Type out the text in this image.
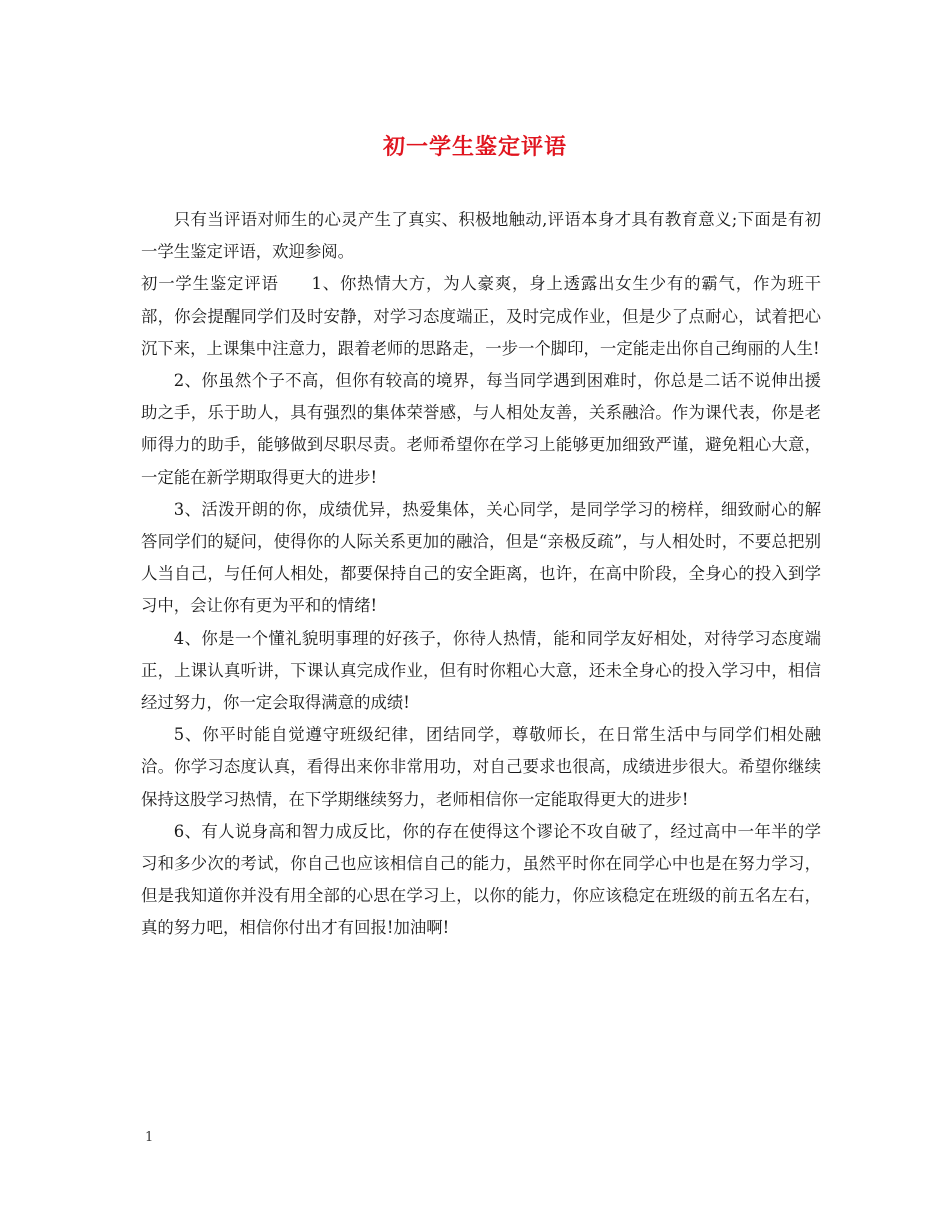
初一学生鉴定评语

只有当评语对师生的心灵产生了真实、积极地触动,评语本身才具有教育意义;下面是有初一学生鉴定评语，欢迎参阅。

初一学生鉴定评语 1、你热情大方，为人豪爽，身上透露出女生少有的霸气，作为班干部，你会提醒同学们及时安静，对学习态度端正，及时完成作业，但是少了点耐心，试着把心沉下来，上课集中注意力，跟着老师的思路走，一步一个脚印，一定能走出你自己绚丽的人生!

2、你虽然个子不高，但你有较高的境界，每当同学遇到困难时，你总是二话不说伸出援助之手，乐于助人，具有强烈的集体荣誉感，与人相处友善，关系融洽。作为课代表，你是老师得力的助手，能够做到尽职尽责。老师希望你在学习上能够更加细致严谨，避免粗心大意，一定能在新学期取得更大的进步!

3、活泼开朗的你，成绩优异，热爱集体，关心同学，是同学学习的榜样，细致耐心的解答同学们的疑问，使得你的人际关系更加的融洽，但是“亲极反疏”，与人相处时，不要总把别人当自己，与任何人相处，都要保持自己的安全距离，也许，在高中阶段，全身心的投入到学习中，会让你有更为平和的情绪!

4、你是一个懂礼貌明事理的好孩子，你待人热情，能和同学友好相处，对待学习态度端正，上课认真听讲，下课认真完成作业，但有时你粗心大意，还未全身心的投入学习中，相信经过努力，你一定会取得满意的成绩!

5、你平时能自觉遵守班级纪律，团结同学，尊敬师长，在日常生活中与同学们相处融洽。你学习态度认真，看得出来你非常用功，对自己要求也很高，成绩进步很大。希望你继续保持这股学习热情，在下学期继续努力，老师相信你一定能取得更大的进步!

6、有人说身高和智力成反比，你的存在使得这个谬论不攻自破了，经过高中一年半的学习和多少次的考试，你自己也应该相信自己的能力，虽然平时你在同学心中也是在努力学习，但是我知道你并没有用全部的心思在学习上，以你的能力，你应该稳定在班级的前五名左右，真的努力吧，相信你付出才有回报!加油啊!

1
